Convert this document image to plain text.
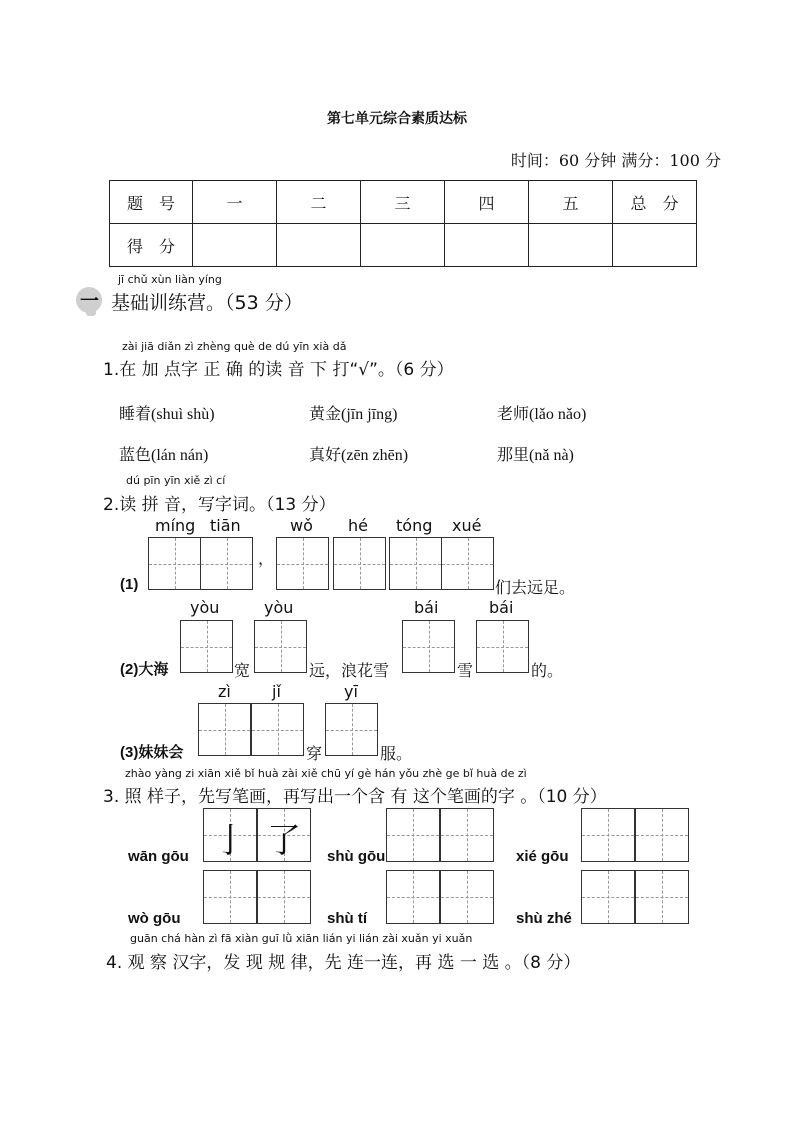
第七单元综合素质达标
时间：60 分钟 满分：100 分
题　号	一	二	三	四	五	总　分
得　分						
jī chǔ xùn liàn yíng
一 基础训练营。（53 分）
zài jiā diǎn zì zhèng què de dú yīn xià dǎ
1.在 加 点字 正 确 的读 音 下 打“√”。（6 分）
睡着(shuì shù)	黄金(jīn jīng)	老师(lǎo nǎo)
蓝色(lán nán)	真好(zēn zhēn)	那里(nǎ nà)
dú pīn yīn xiě zì cí
2.读 拼 音，写字词。（13 分）
míng tiān	wǒ hé tóng xué
(1)
，
们去远足。
yòu	yòu	bái	bái
(2)大海	宽	远，浪花雪	雪	的。
zì	jǐ	yī
(3)妹妹会	穿	服。
zhào yàng zi xiān xiě bǐ huà zài xiě chū yí gè hán yǒu zhè ge bǐ huà de zì
3. 照 样子，先写笔画，再写出一个含 有 这个笔画的字 。（10 分）
wān gōu 亅 了	shù gōu	xié gōu
wò gōu	shù tí	shù zhé
guān chá hàn zì fā xiàn guī lǜ xiān lián yi lián zài xuǎn yi xuǎn
4. 观 察 汉字，发 现 规 律，先 连一连，再 选 一 选 。（8 分）
